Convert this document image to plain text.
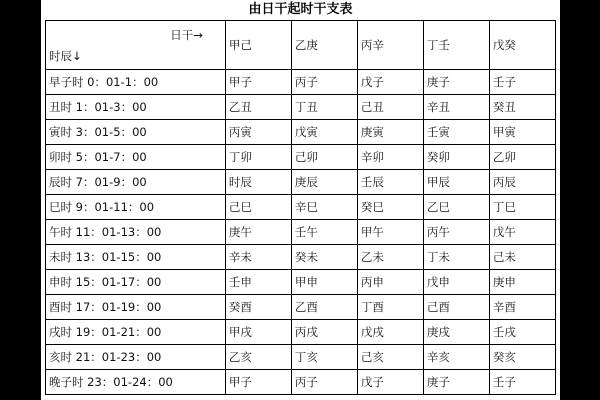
由日干起时干支表
日干→
时辰↓	甲己	乙庚	丙辛	丁壬	戊癸
早子时 0：01-1：00	甲子	丙子	戊子	庚子	壬子
丑时 1：01-3：00	乙丑	丁丑	己丑	辛丑	癸丑
寅时 3：01-5：00	丙寅	戊寅	庚寅	壬寅	甲寅
卯时 5：01-7：00	丁卯	己卯	辛卯	癸卯	乙卯
辰时 7：01-9：00	时辰	庚辰	壬辰	甲辰	丙辰
巳时 9：01-11：00	己巳	辛巳	癸巳	乙巳	丁巳
午时 11：01-13：00	庚午	壬午	甲午	丙午	戊午
未时 13：01-15：00	辛未	癸未	乙未	丁未	己未
申时 15：01-17：00	壬申	甲申	丙申	戊申	庚申
酉时 17：01-19：00	癸酉	乙酉	丁酉	己酉	辛酉
戌时 19：01-21：00	甲戌	丙戌	戊戌	庚戌	壬戌
亥时 21：01-23：00	乙亥	丁亥	己亥	辛亥	癸亥
晚子时 23：01-24：00	甲子	丙子	戊子	庚子	壬子
